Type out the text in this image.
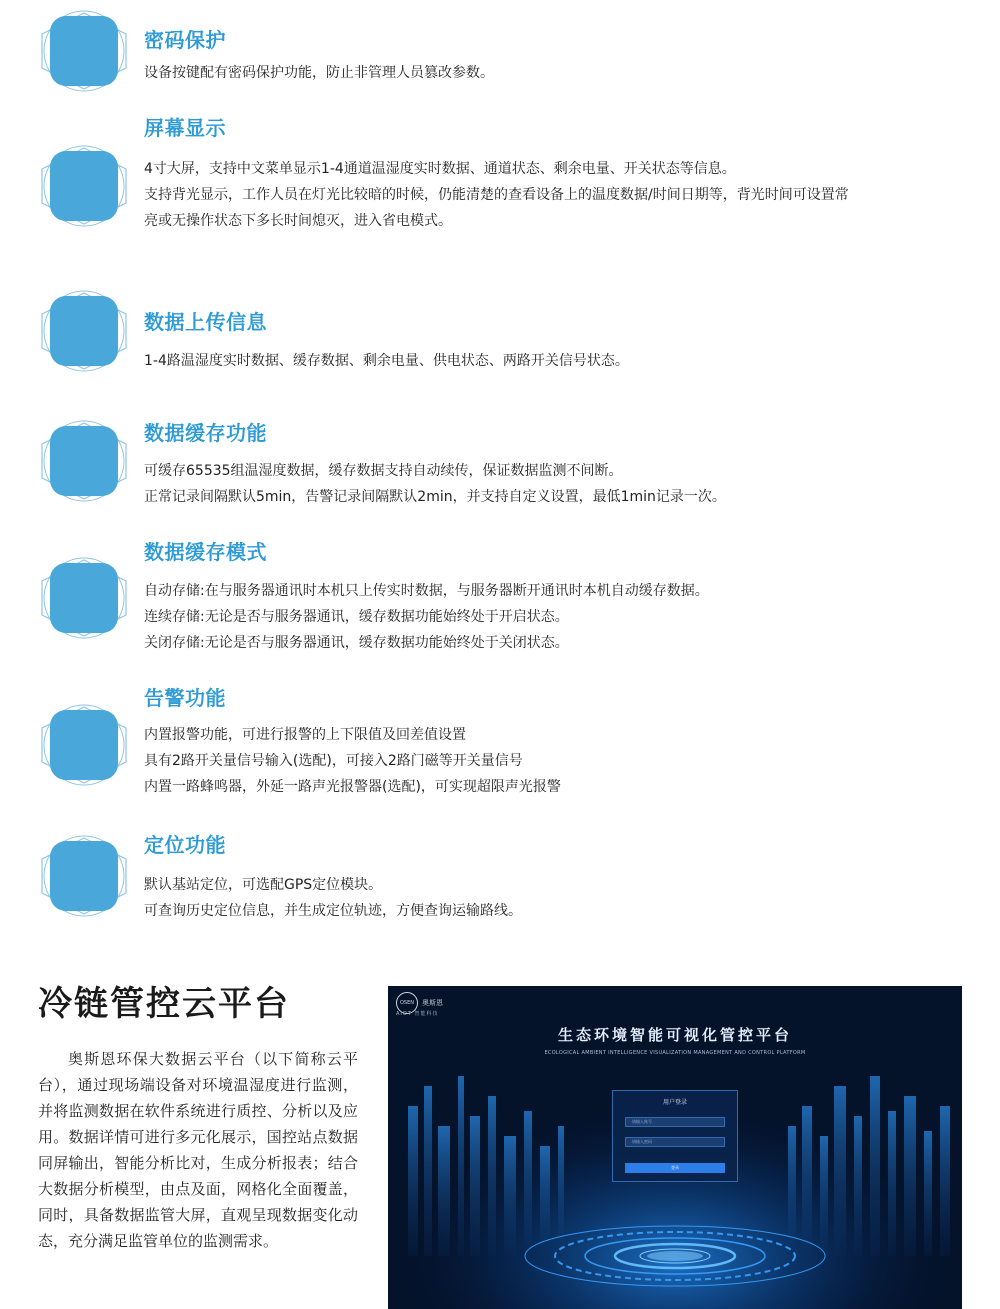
密码保护

设备按键配有密码保护功能，防止非管理人员篡改参数。

屏幕显示

4寸大屏，支持中文菜单显示1-4通道温湿度实时数据、通道状态、剩余电量、开关状态等信息。

支持背光显示，工作人员在灯光比较暗的时候，仍能清楚的查看设备上的温度数据/时间日期等，背光时间可设置常

亮或无操作状态下多长时间熄灭，进入省电模式。

数据上传信息

1-4路温湿度实时数据、缓存数据、剩余电量、供电状态、两路开关信号状态。

数据缓存功能

可缓存65535组温湿度数据，缓存数据支持自动续传，保证数据监测不间断。

正常记录间隔默认5min，告警记录间隔默认2min，并支持自定义设置，最低1min记录一次。

数据缓存模式

自动存储:在与服务器通讯时本机只上传实时数据，与服务器断开通讯时本机自动缓存数据。

连续存储:无论是否与服务器通讯，缓存数据功能始终处于开启状态。

关闭存储:无论是否与服务器通讯，缓存数据功能始终处于关闭状态。

告警功能

内置报警功能，可进行报警的上下限值及回差值设置

具有2路开关量信号输入(选配)，可接入2路门磁等开关量信号

内置一路蜂鸣器，外延一路声光报警器(选配)，可实现超限声光报警

定位功能

默认基站定位，可选配GPS定位模块。

可查询历史定位信息，并生成定位轨迹，方便查询运输路线。

冷链管控云平台
奥斯恩环保大数据云平台（以下简称云平台），通过现场端设备对环境温湿度进行监测，并将监测数据在软件系统进行质控、分析以及应用。数据详情可进行多元化展示，国控站点数据同屏输出，智能分析比对，生成分析报表；结合大数据分析模型，由点及面，网格化全面覆盖，同时，具备数据监管大屏，直观呈现数据变化动态，充分满足监管单位的监测需求。
OSEN	奥斯恩
AIOT 智能科技
生态环境智能可视化管控平台
ECOLOGICAL AMBIENT INTELLIGENCE VISUALIZATION MANAGEMENT AND CONTROL PLATFORM
用户登录
请输入账号
请输入密码
登录
